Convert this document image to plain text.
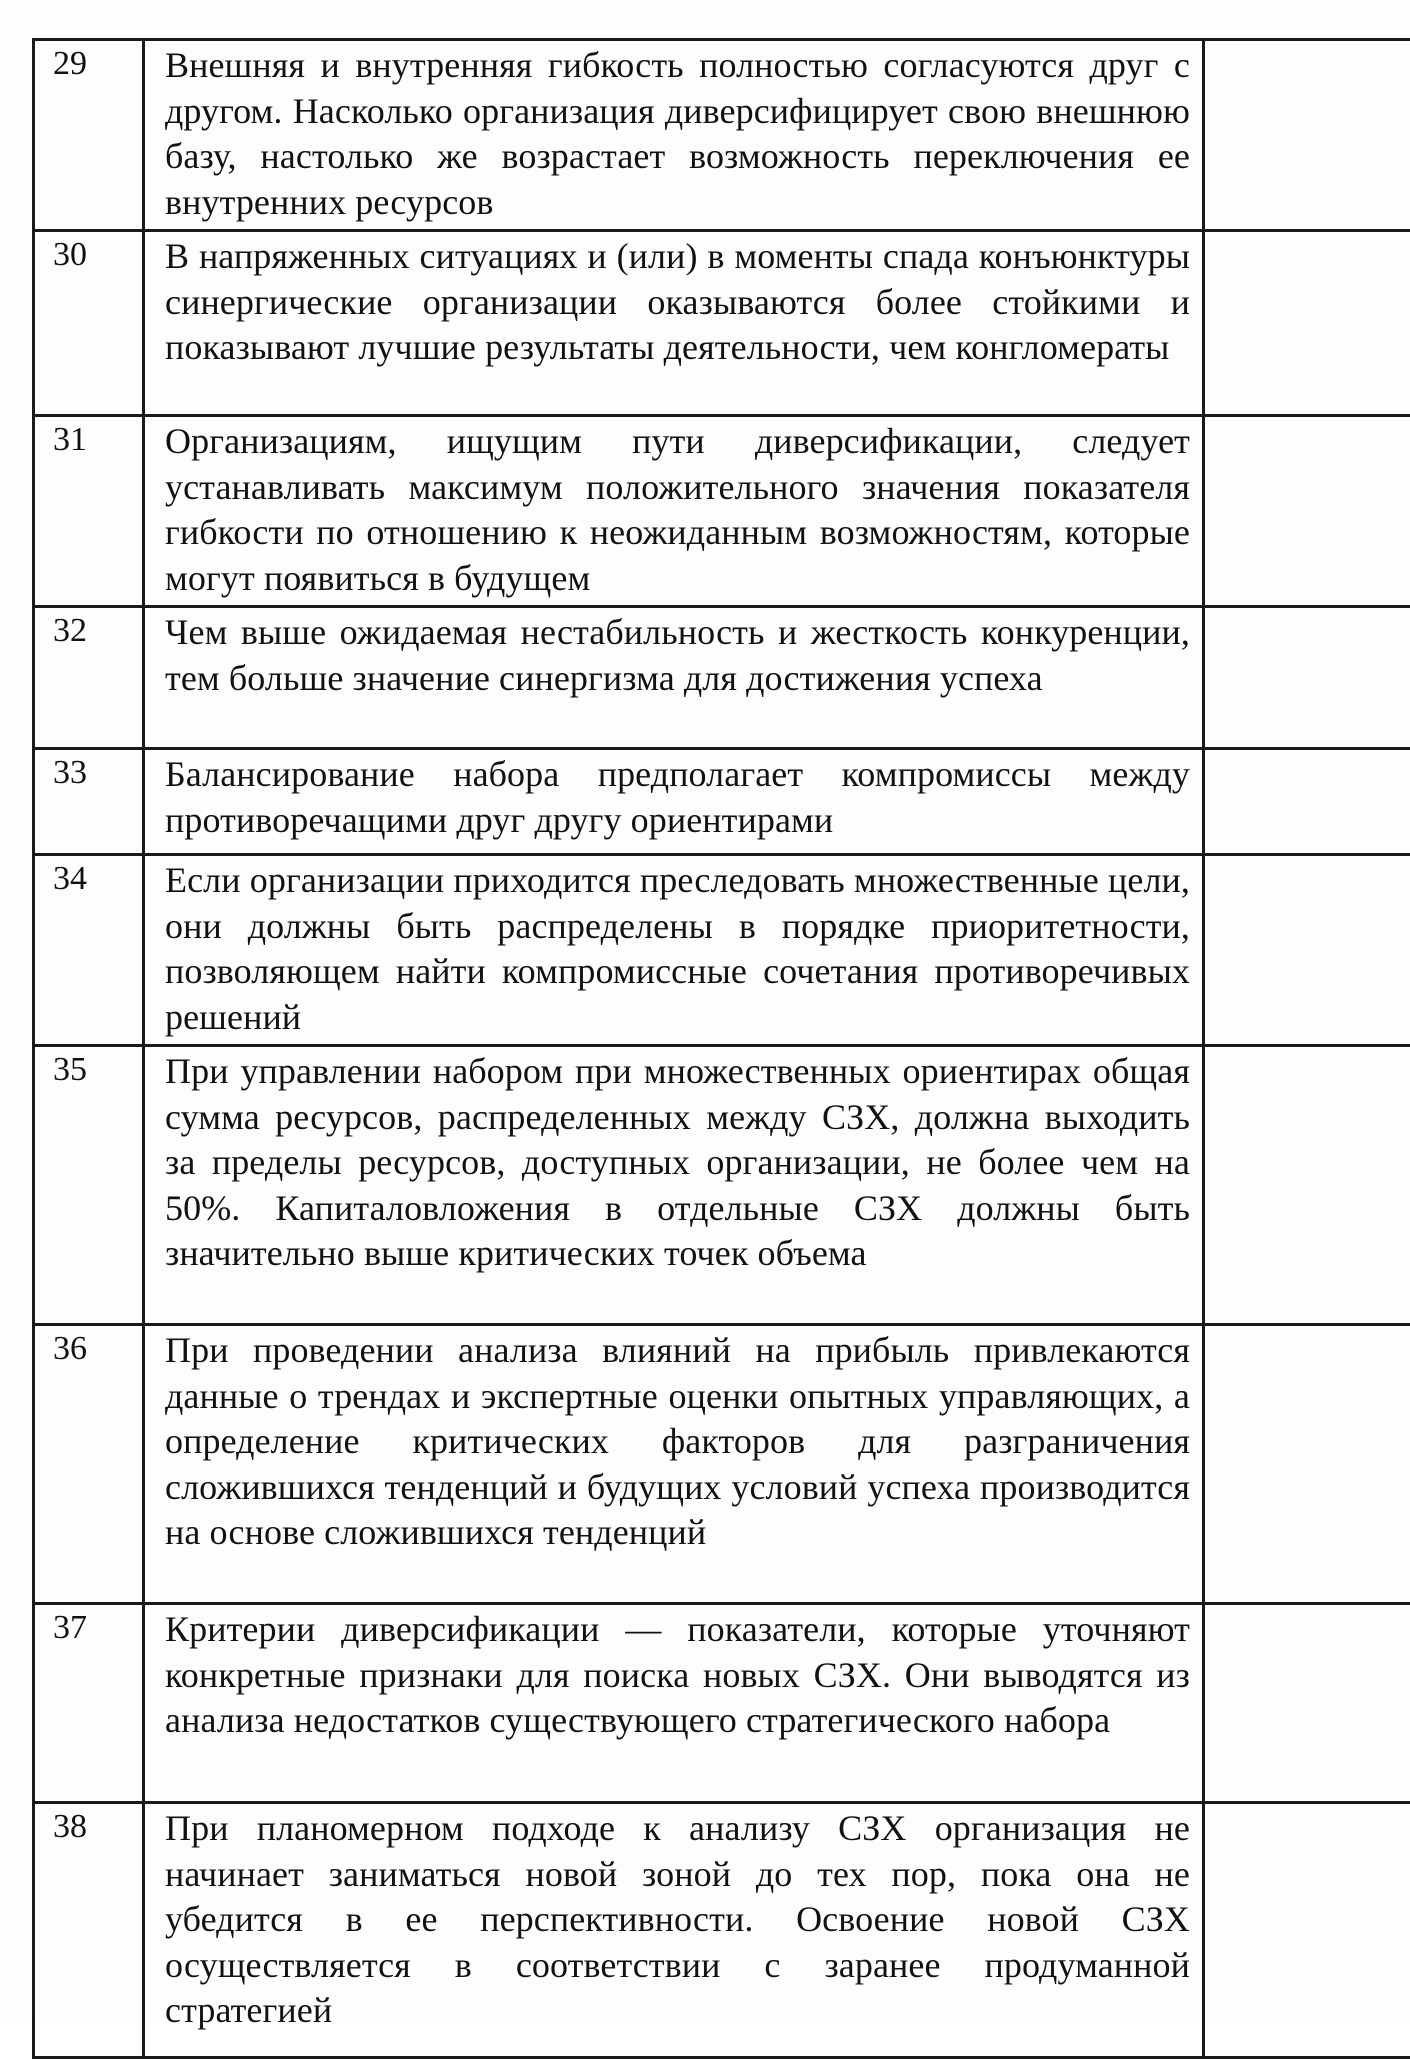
29	Внешняя и внутренняя гибкость полностью согласуются друг с другом. Насколько организация диверсифицирует свою внешнюю базу, настолько же возрастает возможность переключения ее внутренних ресурсов	
30	В напряженных ситуациях и (или) в моменты спада конъюнктуры синергические организации оказываются более стойкими и показывают лучшие результаты деятельности, чем конгломераты	
31	Организациям, ищущим пути диверсификации, следует устанавливать максимум положительного значения показателя гибкости по отношению к неожиданным возможностям, которые могут появиться в будущем	
32	Чем выше ожидаемая нестабильность и жесткость конкуренции, тем больше значение синергизма для достижения успеха	
33	Балансирование набора предполагает компромиссы между противоречащими друг другу ориентирами	
34	Если организации приходится преследовать множественные цели, они должны быть распределены в порядке приоритетности, позволяющем найти компромиссные сочетания противоречивых решений	
35	При управлении набором при множественных ориентирах общая сумма ресурсов, распределенных между СЗХ, должна выходить за пределы ресурсов, доступных организации, не более чем на 50%. Капиталовложения в отдельные СЗХ должны быть значительно выше критических точек объема	
36	При проведении анализа влияний на прибыль привлекаются данные о трендах и экспертные оценки опытных управляющих, а определение критических факторов для разграничения сложившихся тенденций и будущих условий успеха производится на основе сложившихся тенденций	
37	Критерии диверсификации — показатели, которые уточняют конкретные признаки для поиска новых СЗХ. Они выводятся из анализа недостатков существующего стратегического набора	
38	При планомерном подходе к анализу СЗХ организация не начинает заниматься новой зоной до тех пор, пока она не убедится в ее перспективности. Освоение новой СЗХ осуществляется в соответствии с заранее продуманной стратегией	
